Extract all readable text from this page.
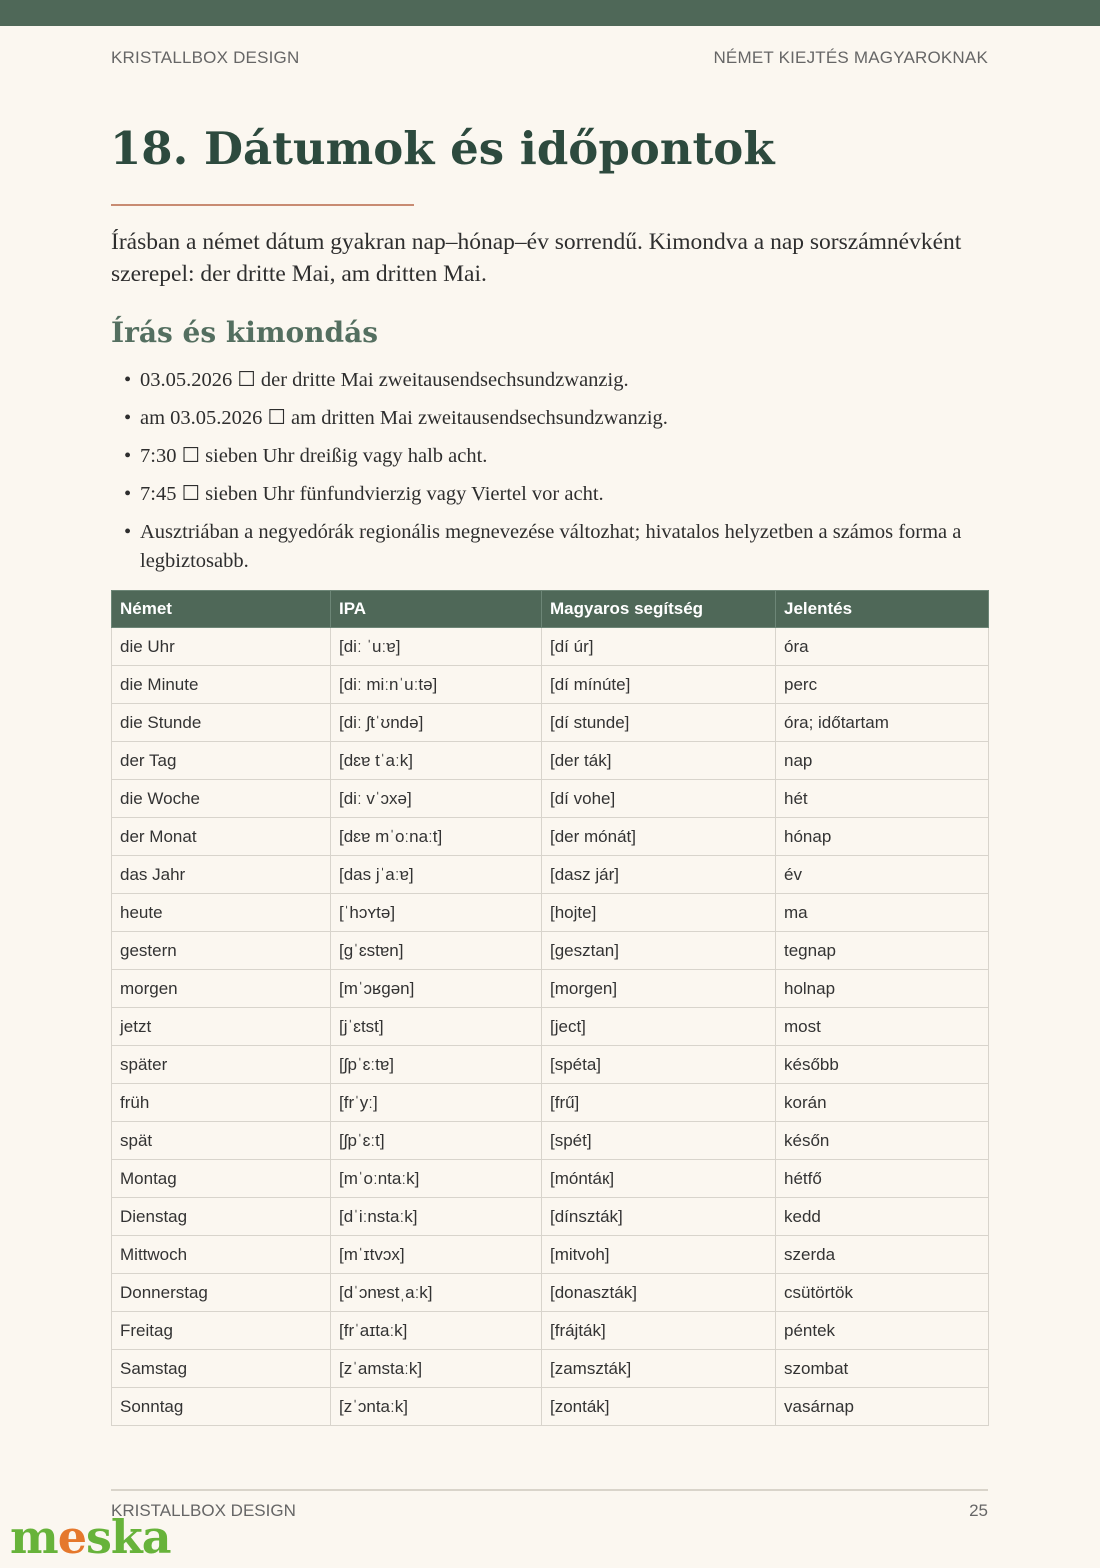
KRISTALLBOX DESIGN	NÉMET KIEJTÉS MAGYAROKNAK
18. Dátumok és időpontok

Írásban a német dátum gyakran nap–hónap–év sorrendű. Kimondva a nap sorszámnévként szerepel: der dritte Mai, am dritten Mai.

Írás és kimondás
• 03.05.2026 ☐ der dritte Mai zweitausendsechsundzwanzig.
• am 03.05.2026 ☐ am dritten Mai zweitausendsechsundzwanzig.
• 7:30 ☐ sieben Uhr dreißig vagy halb acht.
• 7:45 ☐ sieben Uhr fünfundvierzig vagy Viertel vor acht.
• Ausztriában a negyedórák regionális megnevezése változhat; hivatalos helyzetben a számos forma a legbiztosabb.
Német	IPA	Magyaros segítség	Jelentés
die Uhr	[diː ˈuːɐ]	[dí úr]	óra
die Minute	[diː miːnˈuːtə]	[dí mínúte]	perc
die Stunde	[diː ʃtˈʊndə]	[dí stunde]	óra; időtartam
der Tag	[dɛɐ tˈaːk]	[der ták]	nap
die Woche	[diː vˈɔxə]	[dí vohe]	hét
der Monat	[dɛɐ mˈoːnaːt]	[der mónát]	hónap
das Jahr	[das jˈaːɐ]	[dasz jár]	év
heute	[ˈhɔʏtə]	[hojte]	ma
gestern	[gˈɛstɐn]	[gesztan]	tegnap
morgen	[mˈɔʁgən]	[morgen]	holnap
jetzt	[jˈɛtst]	[ject]	most
später	[ʃpˈɛːtɐ]	[spéta]	később
früh	[frˈyː]	[frű]	korán
spät	[ʃpˈɛːt]	[spét]	későn
Montag	[mˈoːntaːk]	[móntáк]	hétfő
Dienstag	[dˈiːnstaːk]	[dínszták]	kedd
Mittwoch	[mˈɪtvɔx]	[mitvoh]	szerda
Donnerstag	[dˈɔnɐstˌaːk]	[donaszták]	csütörtök
Freitag	[frˈaɪtaːk]	[frájták]	péntek
Samstag	[zˈamstaːk]	[zamszták]	szombat
Sonntag	[zˈɔntaːk]	[zonták]	vasárnap
KRISTALLBOX DESIGN	25
meska
